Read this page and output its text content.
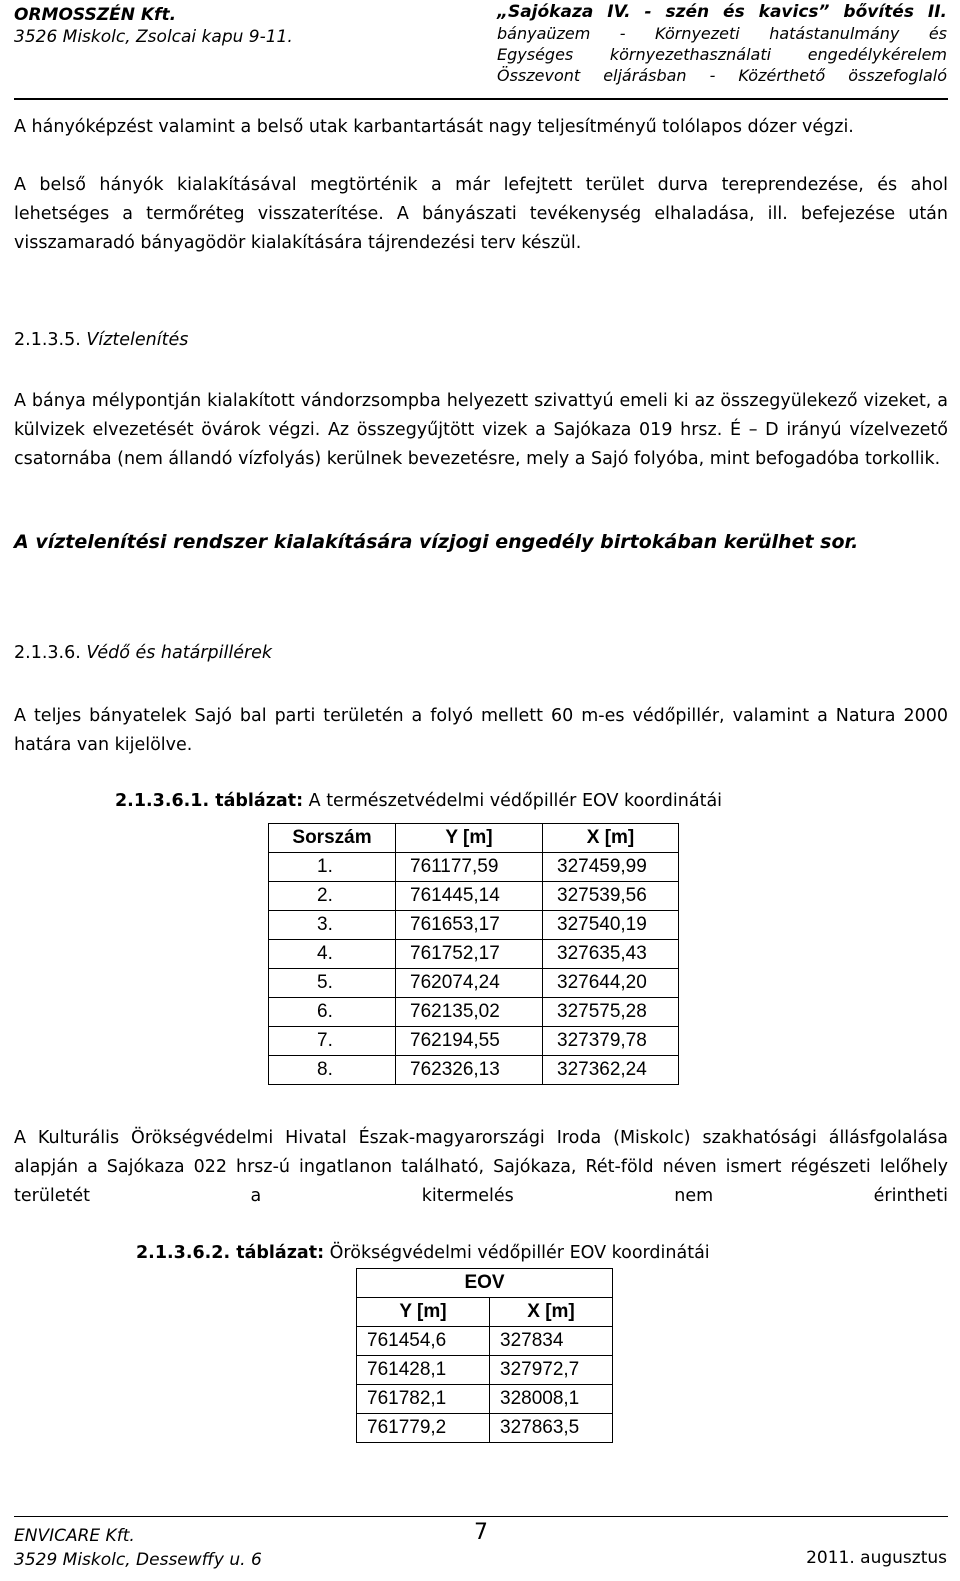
ORMOSSZÉN Kft.
3526 Miskolc, Zsolcai kapu 9-11.
„Sajókaza IV. - szén és kavics” bővítés II.
bányaüzem - Környezeti hatástanulmány és
Egységes környezethasználati engedélykérelem
Összevont eljárásban - Közérthető összefoglaló

A hányóképzést valamint a belső utak karbantartását nagy teljesítményű tolólapos dózer végzi.

A belső hányók kialakításával megtörténik a már lefejtett terület durva tereprendezése, és ahol lehetséges a termőréteg visszaterítése. A bányászati tevékenység elhaladása, ill. befejezése után visszamaradó bányagödör kialakítására tájrendezési terv készül.

2.1.3.5. Víztelenítés

A bánya mélypontján kialakított vándorzsompba helyezett szivattyú emeli ki az összegyülekező vizeket, a külvizek elvezetését övárok végzi. Az összegyűjtött vizek a Sajókaza 019 hrsz. É – D irányú vízelvezető csatornába (nem állandó vízfolyás) kerülnek bevezetésre, mely a Sajó folyóba, mint befogadóba torkollik.

A víztelenítési rendszer kialakítására vízjogi engedély birtokában kerülhet sor.

2.1.3.6. Védő és határpillérek

A teljes bányatelek Sajó bal parti területén a folyó mellett 60 m-es védőpillér, valamint a Natura 2000 határa van kijelölve.

2.1.3.6.1. táblázat: A természetvédelmi védőpillér EOV koordinátái
Sorszám	Y [m]	X [m]
1.	761177,59	327459,99
2.	761445,14	327539,56
3.	761653,17	327540,19
4.	761752,17	327635,43
5.	762074,24	327644,20
6.	762135,02	327575,28
7.	762194,55	327379,78
8.	762326,13	327362,24

A Kulturális Örökségvédelmi Hivatal Észak-magyarországi Iroda (Miskolc) szakhatósági állásfgolalása alapján a Sajókaza 022 hrsz-ú ingatlanon található, Sajókaza, Rét-föld néven ismert régészeti lelőhely területét a kitermelés nem érintheti

2.1.3.6.2. táblázat: Örökségvédelmi védőpillér EOV koordinátái
EOV	
Y [m]	X [m]
761454,6	327834
761428,1	327972,7
761782,1	328008,1
761779,2	327863,5
ENVICARE Kft.
3529 Miskolc, Dessewffy u. 6
7
2011. augusztus
